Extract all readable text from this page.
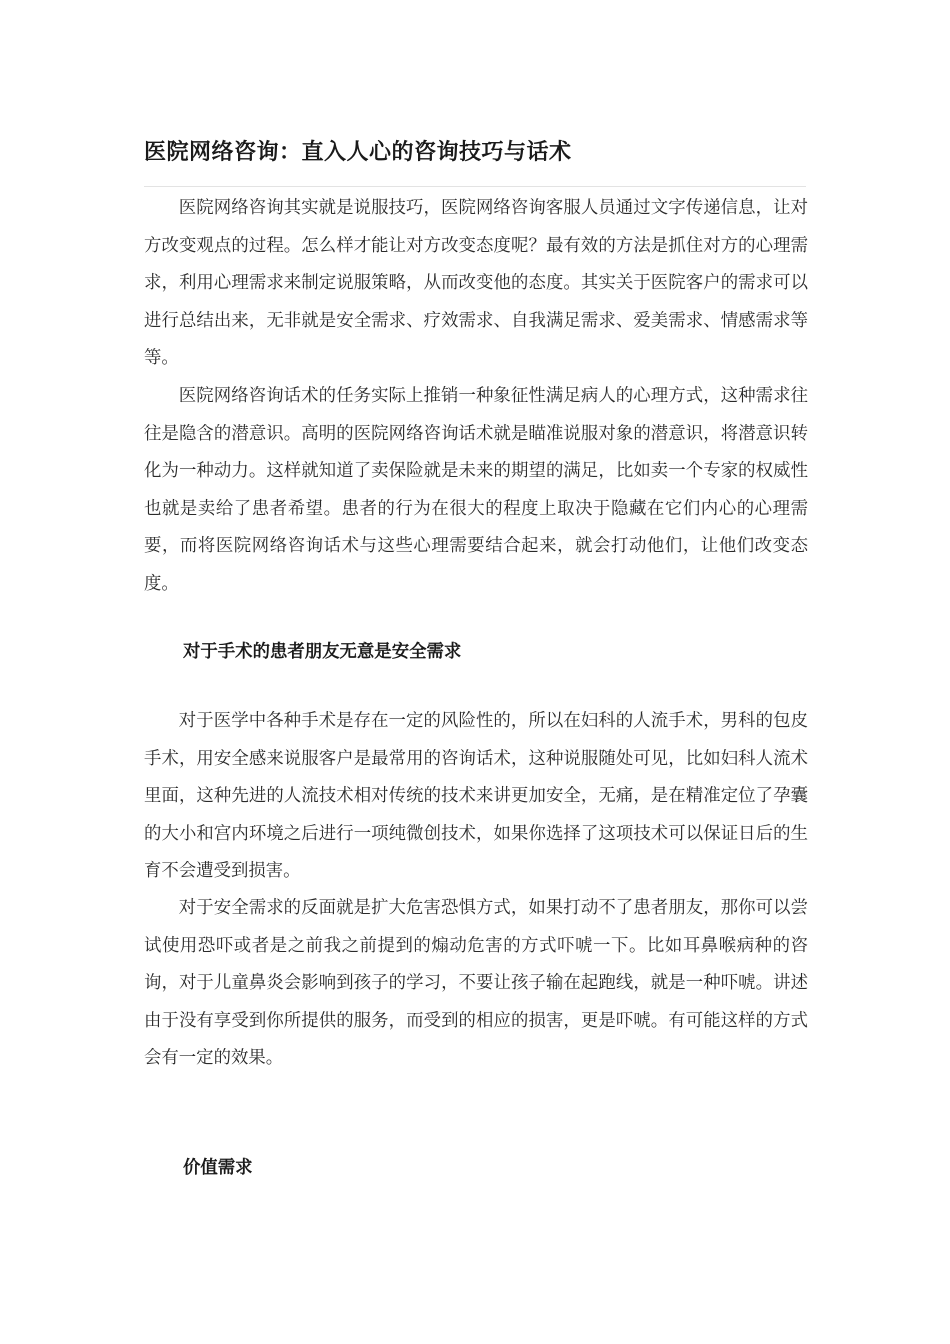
医院网络咨询：直入人心的咨询技巧与话术

医院网络咨询其实就是说服技巧，医院网络咨询客服人员通过文字传递信息，让对方改变观点的过程。怎么样才能让对方改变态度呢？最有效的方法是抓住对方的心理需求，利用心理需求来制定说服策略，从而改变他的态度。其实关于医院客户的需求可以进行总结出来，无非就是安全需求、疗效需求、自我满足需求、爱美需求、情感需求等等。

医院网络咨询话术的任务实际上推销一种象征性满足病人的心理方式，这种需求往往是隐含的潜意识。高明的医院网络咨询话术就是瞄准说服对象的潜意识，将潜意识转化为一种动力。这样就知道了卖保险就是未来的期望的满足，比如卖一个专家的权威性也就是卖给了患者希望。患者的行为在很大的程度上取决于隐藏在它们内心的心理需要，而将医院网络咨询话术与这些心理需要结合起来，就会打动他们，让他们改变态度。

对于手术的患者朋友无意是安全需求

对于医学中各种手术是存在一定的风险性的，所以在妇科的人流手术，男科的包皮手术，用安全感来说服客户是最常用的咨询话术，这种说服随处可见，比如妇科人流术里面，这种先进的人流技术相对传统的技术来讲更加安全，无痛，是在精准定位了孕囊的大小和宫内环境之后进行一项纯微创技术，如果你选择了这项技术可以保证日后的生育不会遭受到损害。

对于安全需求的反面就是扩大危害恐惧方式，如果打动不了患者朋友，那你可以尝试使用恐吓或者是之前我之前提到的煽动危害的方式吓唬一下。比如耳鼻喉病种的咨询，对于儿童鼻炎会影响到孩子的学习，不要让孩子输在起跑线，就是一种吓唬。讲述由于没有享受到你所提供的服务，而受到的相应的损害，更是吓唬。有可能这样的方式会有一定的效果。

价值需求
